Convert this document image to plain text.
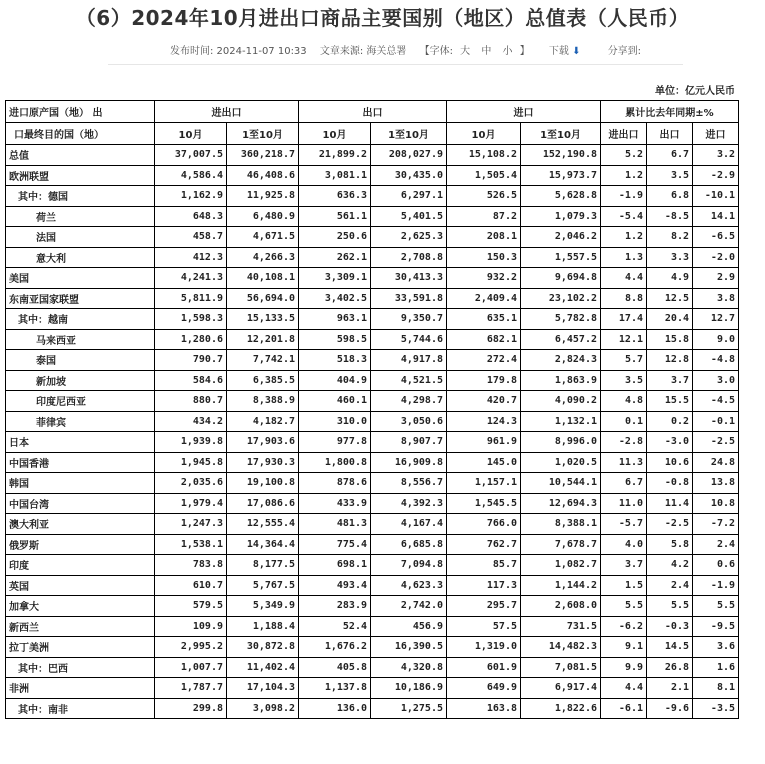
（6）2024年10月进出口商品主要国别（地区）总值表（人民币）
发布时间: 2024-11-07 10:33 文章来源: 海关总署 【字体: 大 中 小 】 下载 ⬇	分享到:
单位：亿元人民币
进口原产国（地） 出	进出口		出口		进口		累计比去年同期±%		
口最终目的国（地）	10月	1至10月	10月	1至10月	10月	1至10月	进出口	出口	进口
总值	37,007.5	360,218.7	21,899.2	208,027.9	15,108.2	152,190.8	5.2	6.7	3.2
欧洲联盟	4,586.4	46,408.6	3,081.1	30,435.0	1,505.4	15,973.7	1.2	3.5	-2.9
其中：德国	1,162.9	11,925.8	636.3	6,297.1	526.5	5,628.8	-1.9	6.8	-10.1
荷兰	648.3	6,480.9	561.1	5,401.5	87.2	1,079.3	-5.4	-8.5	14.1
法国	458.7	4,671.5	250.6	2,625.3	208.1	2,046.2	1.2	8.2	-6.5
意大利	412.3	4,266.3	262.1	2,708.8	150.3	1,557.5	1.3	3.3	-2.0
美国	4,241.3	40,108.1	3,309.1	30,413.3	932.2	9,694.8	4.4	4.9	2.9
东南亚国家联盟	5,811.9	56,694.0	3,402.5	33,591.8	2,409.4	23,102.2	8.8	12.5	3.8
其中：越南	1,598.3	15,133.5	963.1	9,350.7	635.1	5,782.8	17.4	20.4	12.7
马来西亚	1,280.6	12,201.8	598.5	5,744.6	682.1	6,457.2	12.1	15.8	9.0
泰国	790.7	7,742.1	518.3	4,917.8	272.4	2,824.3	5.7	12.8	-4.8
新加坡	584.6	6,385.5	404.9	4,521.5	179.8	1,863.9	3.5	3.7	3.0
印度尼西亚	880.7	8,388.9	460.1	4,298.7	420.7	4,090.2	4.8	15.5	-4.5
菲律宾	434.2	4,182.7	310.0	3,050.6	124.3	1,132.1	0.1	0.2	-0.1
日本	1,939.8	17,903.6	977.8	8,907.7	961.9	8,996.0	-2.8	-3.0	-2.5
中国香港	1,945.8	17,930.3	1,800.8	16,909.8	145.0	1,020.5	11.3	10.6	24.8
韩国	2,035.6	19,100.8	878.6	8,556.7	1,157.1	10,544.1	6.7	-0.8	13.8
中国台湾	1,979.4	17,086.6	433.9	4,392.3	1,545.5	12,694.3	11.0	11.4	10.8
澳大利亚	1,247.3	12,555.4	481.3	4,167.4	766.0	8,388.1	-5.7	-2.5	-7.2
俄罗斯	1,538.1	14,364.4	775.4	6,685.8	762.7	7,678.7	4.0	5.8	2.4
印度	783.8	8,177.5	698.1	7,094.8	85.7	1,082.7	3.7	4.2	0.6
英国	610.7	5,767.5	493.4	4,623.3	117.3	1,144.2	1.5	2.4	-1.9
加拿大	579.5	5,349.9	283.9	2,742.0	295.7	2,608.0	5.5	5.5	5.5
新西兰	109.9	1,188.4	52.4	456.9	57.5	731.5	-6.2	-0.3	-9.5
拉丁美洲	2,995.2	30,872.8	1,676.2	16,390.5	1,319.0	14,482.3	9.1	14.5	3.6
其中：巴西	1,007.7	11,402.4	405.8	4,320.8	601.9	7,081.5	9.9	26.8	1.6
非洲	1,787.7	17,104.3	1,137.8	10,186.9	649.9	6,917.4	4.4	2.1	8.1
其中：南非	299.8	3,098.2	136.0	1,275.5	163.8	1,822.6	-6.1	-9.6	-3.5
